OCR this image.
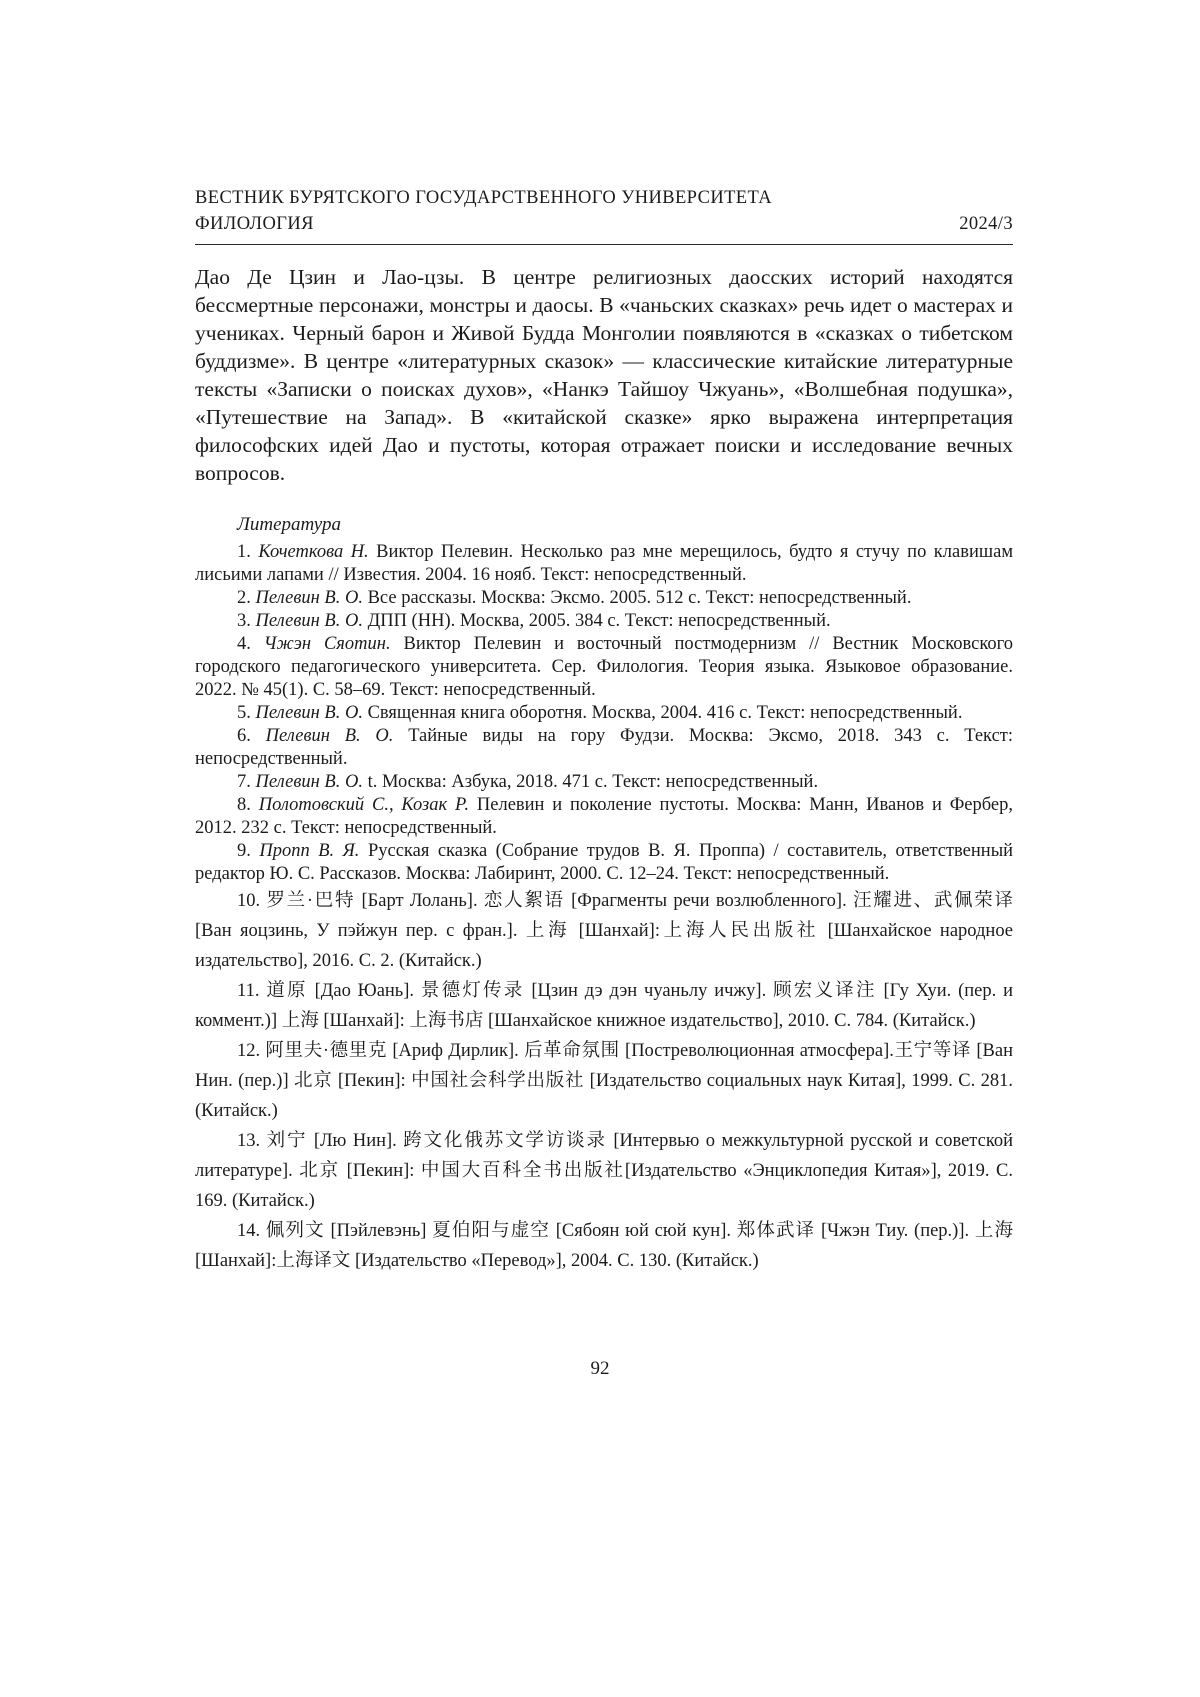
ВЕСТНИК БУРЯТСКОГО ГОСУДАРСТВЕННОГО УНИВЕРСИТЕТА
ФИЛОЛОГИЯ	2024/3

Дао Де Цзин и Лао-цзы. В центре религиозных даосских историй находятся бессмертные персонажи, монстры и даосы. В «чаньских сказках» речь идет о мастерах и учениках. Черный барон и Живой Будда Монголии появляются в «сказках о тибетском буддизме». В центре «литературных сказок» — классические китайские литературные тексты «Записки о поисках духов», «Нанкэ Тайшоу Чжуань», «Волшебная подушка», «Путешествие на Запад». В «китайской сказке» ярко выражена интерпретация философских идей Дао и пустоты, которая отражает поиски и исследование вечных вопросов.

Литература

1. Кочеткова Н. Виктор Пелевин. Несколько раз мне мерещилось, будто я стучу по клавишам лисьими лапами // Известия. 2004. 16 нояб. Текст: непосредственный.

2. Пелевин В. О. Все рассказы. Москва: Эксмо. 2005. 512 с. Текст: непосредственный.

3. Пелевин В. О. ДПП (НН). Москва, 2005. 384 с. Текст: непосредственный.

4. Чжэн Сяотин. Виктор Пелевин и восточный постмодернизм // Вестник Московского городского педагогического университета. Сер. Филология. Теория языка. Языковое образование. 2022. № 45(1). С. 58–69. Текст: непосредственный.

5. Пелевин В. О. Священная книга оборотня. Москва, 2004. 416 с. Текст: непосредственный.

6. Пелевин В. О. Тайные виды на гору Фудзи. Москва: Эксмо, 2018. 343 с. Текст: непосредственный.

7. Пелевин В. О. t. Москва: Азбука, 2018. 471 с. Текст: непосредственный.

8. Полотовский С., Козак Р. Пелевин и поколение пустоты. Москва: Манн, Иванов и Фербер, 2012. 232 с. Текст: непосредственный.

9. Пропп В. Я. Русская сказка (Собрание трудов В. Я. Проппа) / составитель, ответственный редактор Ю. С. Рассказов. Москва: Лабиринт, 2000. С. 12–24. Текст: непосредственный.

10. 罗兰·巴特 [Барт Лолань]. 恋人絮语 [Фрагменты речи возлюбленного]. 汪耀进、武佩荣译 [Ван яоцзинь, У пэйжун пер. с фран.]. 上海 [Шанхай]:上海人民出版社 [Шанхайское народное издательство], 2016. С. 2. (Китайск.)

11. 道原 [Дао Юань]. 景德灯传录 [Цзин дэ дэн чуаньлу ичжу]. 顾宏义译注 [Гу Хуи. (пер. и коммент.)] 上海 [Шанхай]: 上海书店 [Шанхайское книжное издательство], 2010. С. 784. (Китайск.)

12. 阿里夫·德里克 [Ариф Дирлик]. 后革命氛围 [Постреволюционная атмосфера].王宁等译 [Ван Нин. (пер.)] 北京 [Пекин]: 中国社会科学出版社 [Издательство социальных наук Китая], 1999. С. 281. (Китайск.)

13. 刘宁 [Лю Нин]. 跨文化俄苏文学访谈录 [Интервью о межкультурной русской и советской литературе]. 北京 [Пекин]: 中国大百科全书出版社[Издательство «Энциклопедия Китая»], 2019. С. 169. (Китайск.)

14. 佩列文 [Пэйлевэнь] 夏伯阳与虚空 [Сябоян юй сюй кун]. 郑体武译 [Чжэн Тиу. (пер.)]. 上海 [Шанхай]:上海译文 [Издательство «Перевод»], 2004. С. 130. (Китайск.)

92
